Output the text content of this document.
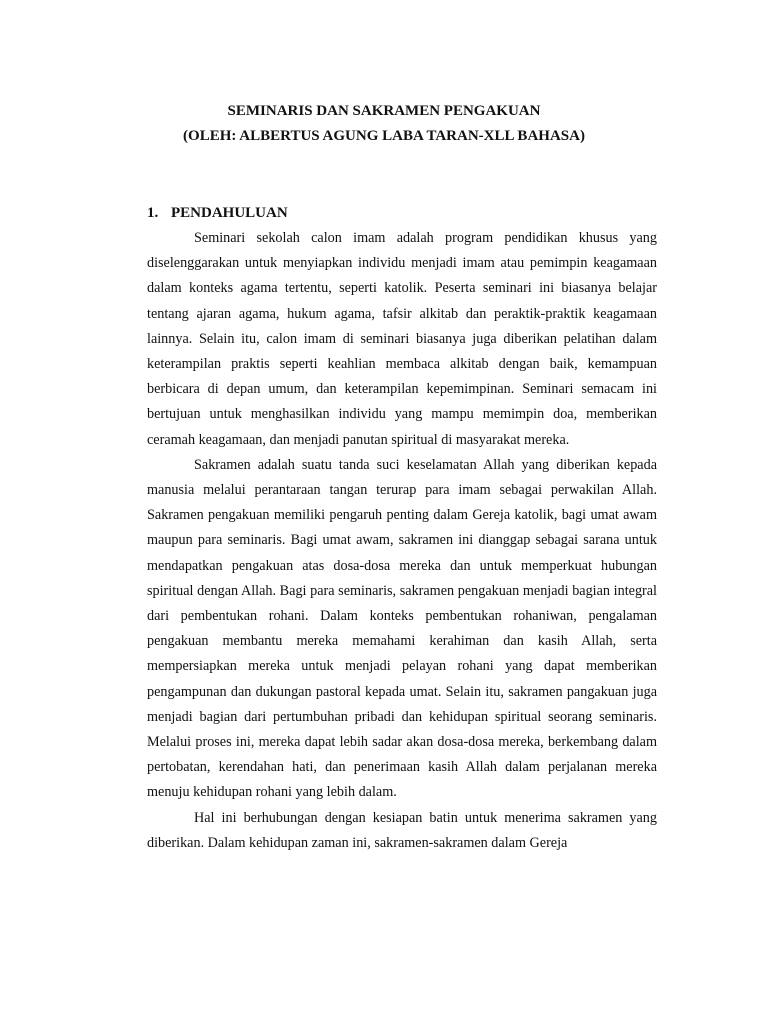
SEMINARIS DAN SAKRAMEN PENGAKUAN
(OLEH: ALBERTUS AGUNG LABA TARAN-XLL BAHASA)
1. PENDAHULUAN

Seminari sekolah calon imam adalah program pendidikan khusus yang diselenggarakan untuk menyiapkan individu menjadi imam atau pemimpin keagamaan dalam konteks agama tertentu, seperti katolik. Peserta seminari ini biasanya belajar tentang ajaran agama, hukum agama, tafsir alkitab dan peraktik-praktik keagamaan lainnya. Selain itu, calon imam di seminari biasanya juga diberikan pelatihan dalam keterampilan praktis seperti keahlian membaca alkitab dengan baik, kemampuan berbicara di depan umum, dan keterampilan kepemimpinan. Seminari semacam ini bertujuan untuk menghasilkan individu yang mampu memimpin doa, memberikan ceramah keagamaan, dan menjadi panutan spiritual di masyarakat mereka.

Sakramen adalah suatu tanda suci keselamatan Allah yang diberikan kepada manusia melalui perantaraan tangan terurap para imam sebagai perwakilan Allah. Sakramen pengakuan memiliki pengaruh penting dalam Gereja katolik, bagi umat awam maupun para seminaris. Bagi umat awam, sakramen ini dianggap sebagai sarana untuk mendapatkan pengakuan atas dosa-dosa mereka dan untuk memperkuat hubungan spiritual dengan Allah. Bagi para seminaris, sakramen pengakuan menjadi bagian integral dari pembentukan rohani. Dalam konteks pembentukan rohaniwan, pengalaman pengakuan membantu mereka memahami kerahiman dan kasih Allah, serta mempersiapkan mereka untuk menjadi pelayan rohani yang dapat memberikan pengampunan dan dukungan pastoral kepada umat. Selain itu, sakramen pangakuan juga menjadi bagian dari pertumbuhan pribadi dan kehidupan spiritual seorang seminaris. Melalui proses ini, mereka dapat lebih sadar akan dosa-dosa mereka, berkembang dalam pertobatan, kerendahan hati, dan penerimaan kasih Allah dalam perjalanan mereka menuju kehidupan rohani yang lebih dalam.

Hal ini berhubungan dengan kesiapan batin untuk menerima sakramen yang diberikan. Dalam kehidupan zaman ini, sakramen-sakramen dalam Gereja
